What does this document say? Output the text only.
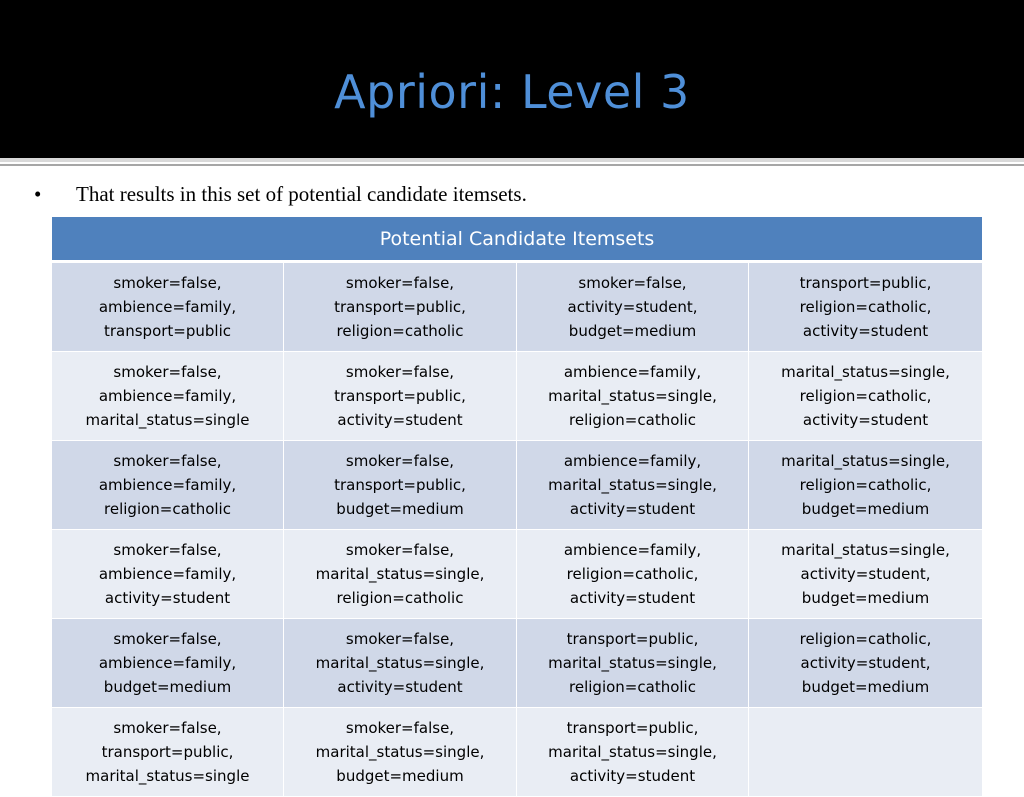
Apriori: Level 3
• That results in this set of potential candidate itemsets.
Potential Candidate Itemsets			

smoker=false,
ambience=family,
transport=public	smoker=false,
transport=public,
religion=catholic	smoker=false,
activity=student,
budget=medium	transport=public,
religion=catholic,
activity=student

smoker=false,
ambience=family,
marital_status=single	smoker=false,
transport=public,
activity=student	ambience=family,
marital_status=single,
religion=catholic	marital_status=single,
religion=catholic,
activity=student

smoker=false,
ambience=family,
religion=catholic	smoker=false,
transport=public,
budget=medium	ambience=family,
marital_status=single,
activity=student	marital_status=single,
religion=catholic,
budget=medium

smoker=false,
ambience=family,
activity=student	smoker=false,
marital_status=single,
religion=catholic	ambience=family,
religion=catholic,
activity=student	marital_status=single,
activity=student,
budget=medium

smoker=false,
ambience=family,
budget=medium	smoker=false,
marital_status=single,
activity=student	transport=public,
marital_status=single,
religion=catholic	religion=catholic,
activity=student,
budget=medium

smoker=false,
transport=public,
marital_status=single	smoker=false,
marital_status=single,
budget=medium	transport=public,
marital_status=single,
activity=student	
